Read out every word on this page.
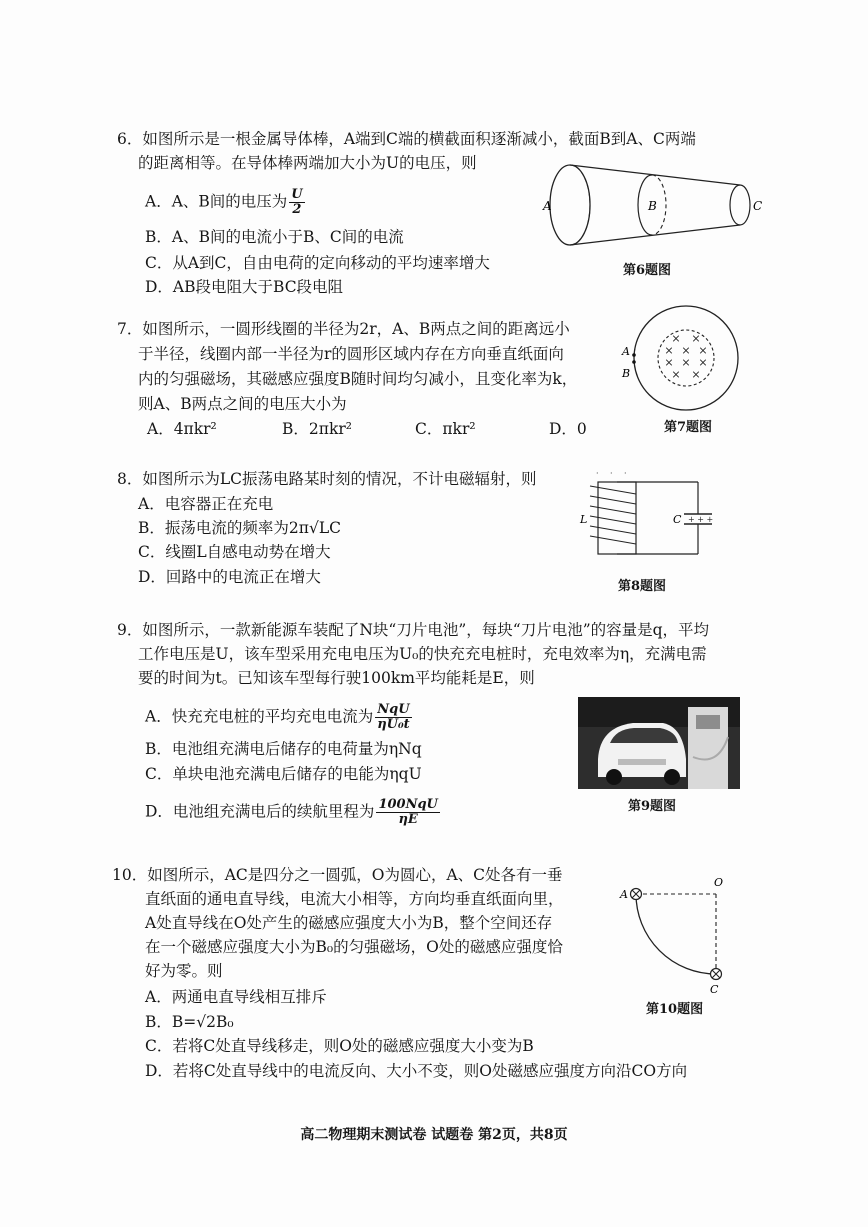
6．如图所示是一根金属导体棒，A端到C端的横截面积逐渐减小，截面B到A、C两端
的距离相等。在导体棒两端加大小为U的电压，则
A．A、B间的电压为 $\frac{U}{2}$
B．A、B间的电流小于B、C间的电流
C．从A到C，自由电荷的定向移动的平均速率增大
D．AB段电阻大于BC段电阻
A	B	C
第6题图
7．如图所示，一圆形线圈的半径为2r，A、B两点之间的距离远小
于半径，线圈内部一半径为r的圆形区域内存在方向垂直纸面向
内的匀强磁场，其磁感应强度B随时间均匀减小，且变化率为k，
则A、B两点之间的电压大小为
A．4πkr²	B．2πkr²	C．πkr²	D．0
× ×
× × ×
× × ×
× ×
A
B
第7题图
8．如图所示为LC振荡电路某时刻的情况，不计电磁辐射，则
A．电容器正在充电
B．振荡电流的频率为2π√LC
C．线圈L自感电动势在增大
D．回路中的电流正在增大
· · ·
+ + +
L	C
第8题图
9．如图所示，一款新能源车装配了N块“刀片电池”，每块“刀片电池”的容量是q，平均
工作电压是U，该车型采用充电电压为U₀的快充充电桩时，充电效率为η，充满电需
要的时间为t。已知该车型每行驶100km平均能耗是E，则
A．快充充电桩的平均充电电流为 $\frac{\text{NqU}}{\text{ηU₀t}}$
B．电池组充满电后储存的电荷量为ηNq
C．单块电池充满电后储存的电能为ηqU
D．电池组充满电后的续航里程为 $\frac{\text{100NqU}}{\eta E}$	第9题图
10．如图所示，AC是四分之一圆弧，O为圆心，A、C处各有一垂
直纸面的通电直导线，电流大小相等，方向均垂直纸面向里，
A处直导线在O处产生的磁感应强度大小为B，整个空间还存
在一个磁感应强度大小为B₀的匀强磁场，O处的磁感应强度恰
好为零。则
A．两通电直导线相互排斥
B．B=√2B₀
C．若将C处直导线移走，则O处的磁感应强度大小变为B
D．若将C处直导线中的电流反向、大小不变，则O处磁感应强度方向沿CO方向
A
O
C
第10题图
高二物理期末测试卷 试题卷 第2页，共8页
